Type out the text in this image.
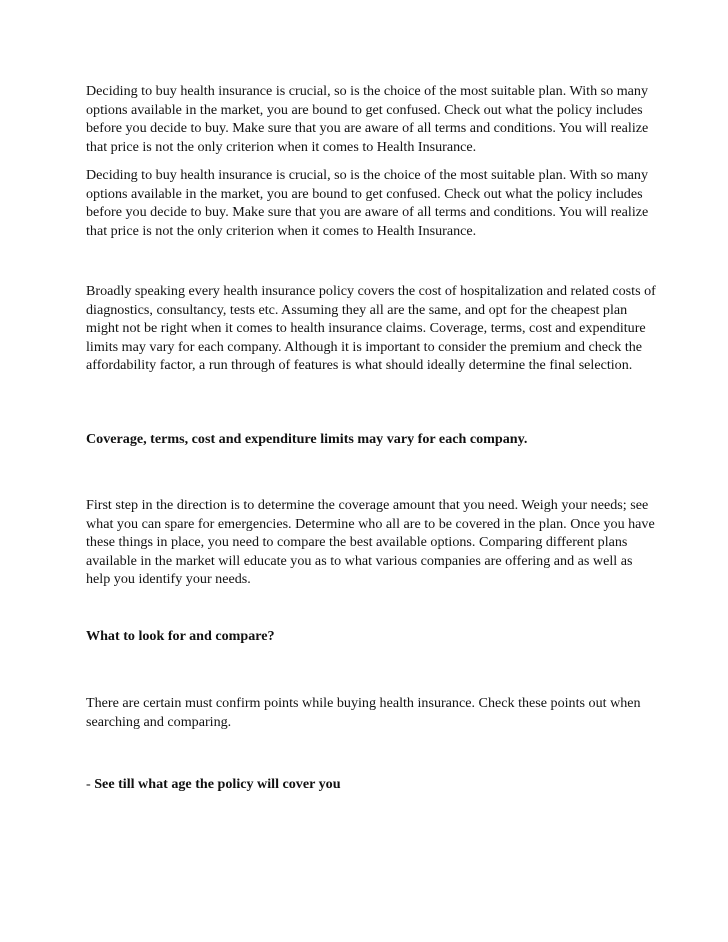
Deciding to buy health insurance is crucial, so is the choice of the most suitable plan. With so many options available in the market, you are bound to get confused. Check out what the policy includes before you decide to buy. Make sure that you are aware of all terms and conditions. You will realize that price is not the only criterion when it comes to Health Insurance.

Deciding to buy health insurance is crucial, so is the choice of the most suitable plan. With so many options available in the market, you are bound to get confused. Check out what the policy includes before you decide to buy. Make sure that you are aware of all terms and conditions. You will realize that price is not the only criterion when it comes to Health Insurance.

Broadly speaking every health insurance policy covers the cost of hospitalization and related costs of diagnostics, consultancy, tests etc. Assuming they all are the same, and opt for the cheapest plan might not be right when it comes to health insurance claims. Coverage, terms, cost and expenditure limits may vary for each company. Although it is important to consider the premium and check the affordability factor, a run through of features is what should ideally determine the final selection.

Coverage, terms, cost and expenditure limits may vary for each company.

First step in the direction is to determine the coverage amount that you need. Weigh your needs; see what you can spare for emergencies. Determine who all are to be covered in the plan. Once you have these things in place, you need to compare the best available options. Comparing different plans available in the market will educate you as to what various companies are offering and as well as help you identify your needs.

What to look for and compare?

There are certain must confirm points while buying health insurance. Check these points out when searching and comparing.

- See till what age the policy will cover you
